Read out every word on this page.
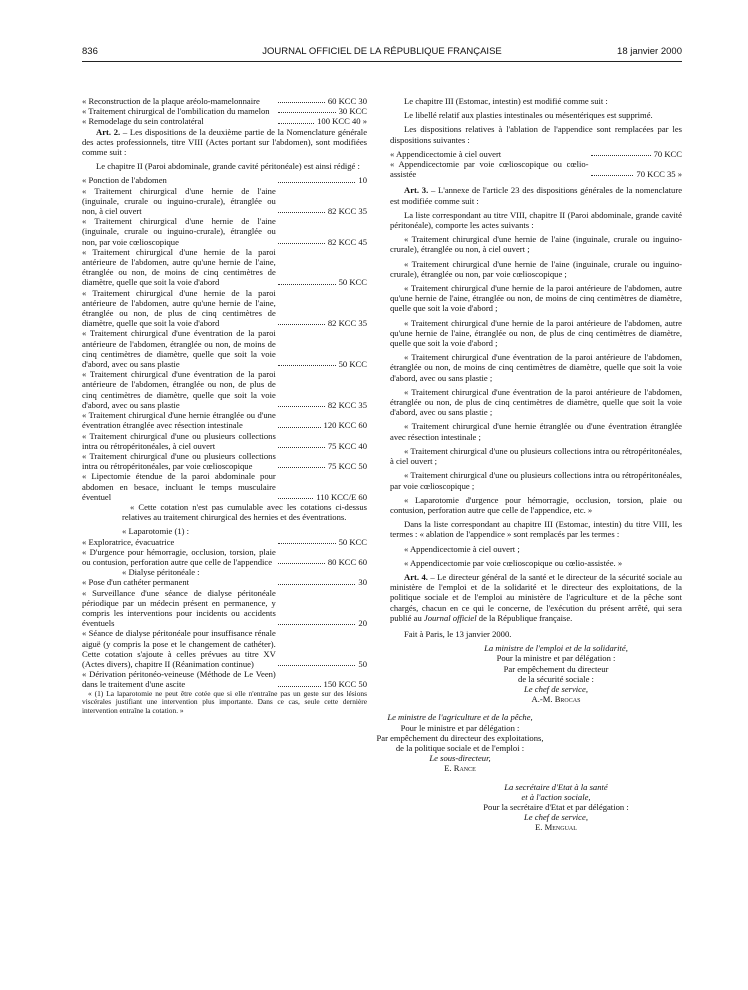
836	JOURNAL OFFICIEL DE LA RÉPUBLIQUE FRANÇAISE	18 janvier 2000
« Reconstruction de la plaque aréolo-mamelonnaire	60 KCC 30
« Traitement chirurgical de l'ombilication du mamelon	30 KCC
« Remodelage du sein controlatéral	100 KCC 40 »

Art. 2. – Les dispositions de la deuxième partie de la Nomenclature générale des actes professionnels, titre VIII (Actes portant sur l'abdomen), sont modifiées comme suit :

Le chapitre II (Paroi abdominale, grande cavité péritonéale) est ainsi rédigé :

« Ponction de l'abdomen	10
« Traitement chirurgical d'une hernie de l'aine (inguinale, crurale ou inguino-crurale), étranglée ou non, à ciel ouvert	82 KCC 35
« Traitement chirurgical d'une hernie de l'aine (inguinale, crurale ou inguino-crurale), étranglée ou non, par voie cœlioscopique	82 KCC 45
« Traitement chirurgical d'une hernie de la paroi antérieure de l'abdomen, autre qu'une hernie de l'aine, étranglée ou non, de moins de cinq centimètres de diamètre, quelle que soit la voie d'abord	50 KCC
« Traitement chirurgical d'une hernie de la paroi antérieure de l'abdomen, autre qu'une hernie de l'aine, étranglée ou non, de plus de cinq centimètres de diamètre, quelle que soit la voie d'abord	82 KCC 35
« Traitement chirurgical d'une éventration de la paroi antérieure de l'abdomen, étranglée ou non, de moins de cinq centimètres de diamètre, quelle que soit la voie d'abord, avec ou sans plastie	50 KCC
« Traitement chirurgical d'une éventration de la paroi antérieure de l'abdomen, étranglée ou non, de plus de cinq centimètres de diamètre, quelle que soit la voie d'abord, avec ou sans plastie	82 KCC 35
« Traitement chirurgical d'une hernie étranglée ou d'une éventration étranglée avec résection intestinale	120 KCC 60
« Traitement chirurgical d'une ou plusieurs collections intra ou rétropéritonéales, à ciel ouvert	75 KCC 40
« Traitement chirurgical d'une ou plusieurs collections intra ou rétropéritonéales, par voie cœlioscopique	75 KCC 50
« Lipectomie étendue de la paroi abdominale pour abdomen en besace, incluant le temps musculaire éventuel	110 KCC/E 60
« Cette cotation n'est pas cumulable avec les cotations ci-dessus relatives au traitement chirurgical des hernies et des éventrations.
« Laparotomie (1) :
« Exploratrice, évacuatrice	50 KCC
« D'urgence pour hémorragie, occlusion, torsion, plaie ou contusion, perforation autre que celle de l'appendice	80 KCC 60
« Dialyse péritonéale :
« Pose d'un cathéter permanent	30
« Surveillance d'une séance de dialyse péritonéale périodique par un médecin présent en permanence, y compris les interventions pour incidents ou accidents éventuels	20
« Séance de dialyse péritonéale pour insuffisance rénale aiguë (y compris la pose et le changement de cathéter). Cette cotation s'ajoute à celles prévues au titre XV (Actes divers), chapitre II (Réanimation continue)	50
« Dérivation péritonéo-veineuse (Méthode de Le Veen) dans le traitement d'une ascite	150 KCC 50
« (1) La laparotomie ne peut être cotée que si elle n'entraîne pas un geste sur des lésions viscérales justifiant une intervention plus importante. Dans ce cas, seule cette dernière intervention entraîne la cotation. »

Le chapitre III (Estomac, intestin) est modifié comme suit :

Le libellé relatif aux plasties intestinales ou mésentériques est supprimé.

Les dispositions relatives à l'ablation de l'appendice sont remplacées par les dispositions suivantes :

« Appendicectomie à ciel ouvert	70 KCC
« Appendicectomie par voie cœlioscopique ou cœlio-assistée	70 KCC 35 »

Art. 3. – L'annexe de l'article 23 des dispositions générales de la nomenclature est modifiée comme suit :

La liste correspondant au titre VIII, chapitre II (Paroi abdominale, grande cavité péritonéale), comporte les actes suivants :

« Traitement chirurgical d'une hernie de l'aine (inguinale, crurale ou inguino-crurale), étranglée ou non, à ciel ouvert ;

« Traitement chirurgical d'une hernie de l'aine (inguinale, crurale ou inguino-crurale), étranglée ou non, par voie cœlioscopique ;

« Traitement chirurgical d'une hernie de la paroi antérieure de l'abdomen, autre qu'une hernie de l'aine, étranglée ou non, de moins de cinq centimètres de diamètre, quelle que soit la voie d'abord ;

« Traitement chirurgical d'une hernie de la paroi antérieure de l'abdomen, autre qu'une hernie de l'aine, étranglée ou non, de plus de cinq centimètres de diamètre, quelle que soit la voie d'abord ;

« Traitement chirurgical d'une éventration de la paroi antérieure de l'abdomen, étranglée ou non, de moins de cinq centimètres de diamètre, quelle que soit la voie d'abord, avec ou sans plastie ;

« Traitement chirurgical d'une éventration de la paroi antérieure de l'abdomen, étranglée ou non, de plus de cinq centimètres de diamètre, quelle que soit la voie d'abord, avec ou sans plastie ;

« Traitement chirurgical d'une hernie étranglée ou d'une éventration étranglée avec résection intestinale ;

« Traitement chirurgical d'une ou plusieurs collections intra ou rétropéritonéales, à ciel ouvert ;

« Traitement chirurgical d'une ou plusieurs collections intra ou rétropéritonéales, par voie cœlioscopique ;

« Laparotomie d'urgence pour hémorragie, occlusion, torsion, plaie ou contusion, perforation autre que celle de l'appendice, etc. »

Dans la liste correspondant au chapitre III (Estomac, intestin) du titre VIII, les termes : « ablation de l'appendice » sont remplacés par les termes :

« Appendicectomie à ciel ouvert ;

« Appendicectomie par voie cœlioscopique ou cœlio-assistée. »

Art. 4. – Le directeur général de la santé et le directeur de la sécurité sociale au ministère de l'emploi et de la solidarité et le directeur des exploitations, de la politique sociale et de l'emploi au ministère de l'agriculture et de la pêche sont chargés, chacun en ce qui le concerne, de l'exécution du présent arrêté, qui sera publié au Journal officiel de la République française.

Fait à Paris, le 13 janvier 2000.

La ministre de l'emploi et de la solidarité,
Pour la ministre et par délégation :
Par empêchement du directeur
de la sécurité sociale :
Le chef de service,
A.-M. Brocas
Le ministre de l'agriculture et de la pêche,
Pour le ministre et par délégation :
Par empêchement du directeur des exploitations,
de la politique sociale et de l'emploi :
Le sous-directeur,
E. Rance
La secrétaire d'Etat à la santé
et à l'action sociale,
Pour la secrétaire d'Etat et par délégation :
Le chef de service,
E. Mengual
